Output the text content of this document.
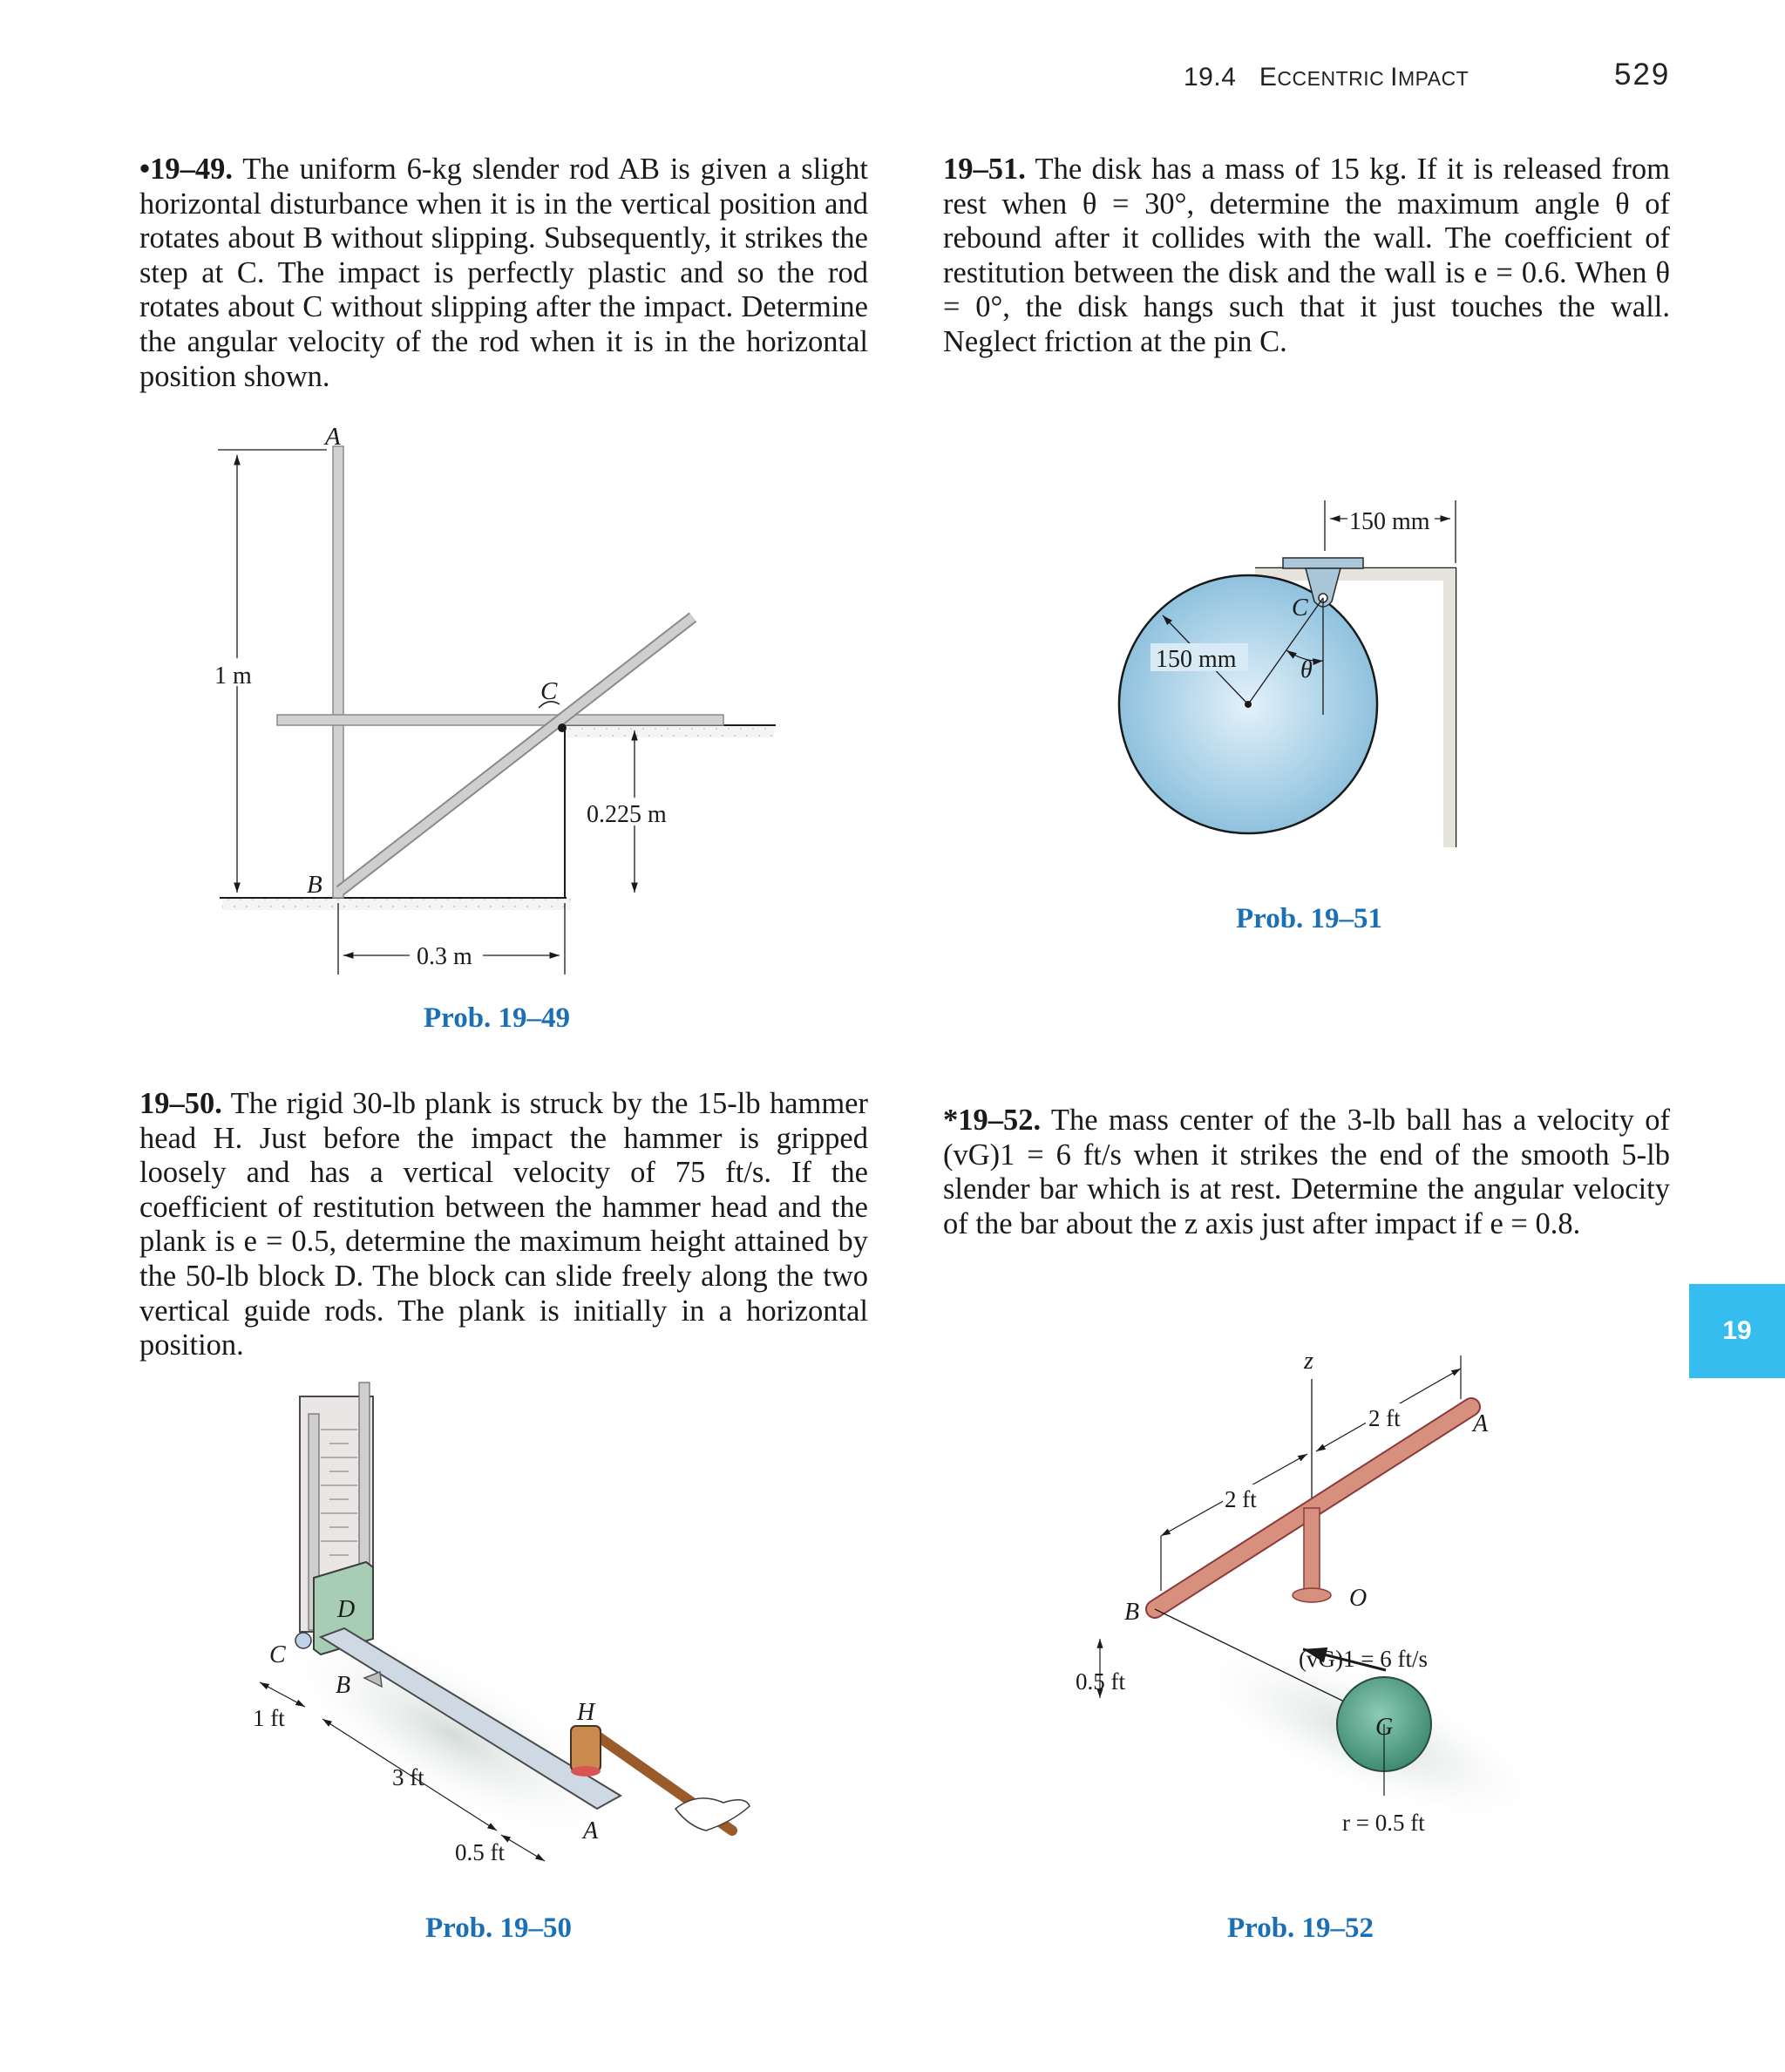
19.4 ECCENTRIC IMPACT	529
19
•19–49. The uniform 6-kg slender rod AB is given a slight horizontal disturbance when it is in the vertical position and rotates about B without slipping. Subsequently, it strikes the step at C. The impact is perfectly plastic and so the rod rotates about C without slipping after the impact. Determine the angular velocity of the rod when it is in the horizontal position shown.
19–51. The disk has a mass of 15 kg. If it is released from rest when θ = 30°, determine the maximum angle θ of rebound after it collides with the wall. The coefficient of restitution between the disk and the wall is e = 0.6. When θ = 0°, the disk hangs such that it just touches the wall. Neglect friction at the pin C.
19–50. The rigid 30-lb plank is struck by the 15-lb hammer head H. Just before the impact the hammer is gripped loosely and has a vertical velocity of 75 ft/s. If the coefficient of restitution between the hammer head and the plank is e = 0.5, determine the maximum height attained by the 50-lb block D. The block can slide freely along the two vertical guide rods. The plank is initially in a horizontal position.
*19–52. The mass center of the 3-lb ball has a velocity of (vG)1 = 6 ft/s when it strikes the end of the smooth 5-lb slender bar which is at rest. Determine the angular velocity of the bar about the z axis just after impact if e = 0.8.
A
B
C
1 m
0.225 m
0.3 m
150 mm
150 mm
C
θ
C
D
B
H
A
1 ft
3 ft
0.5 ft
z
A
B
O
G
2 ft
2 ft
0.5 ft
(vG)1 = 6 ft/s
r = 0.5 ft
Prob. 19–49
Prob. 19–51
Prob. 19–50	Prob. 19–52
